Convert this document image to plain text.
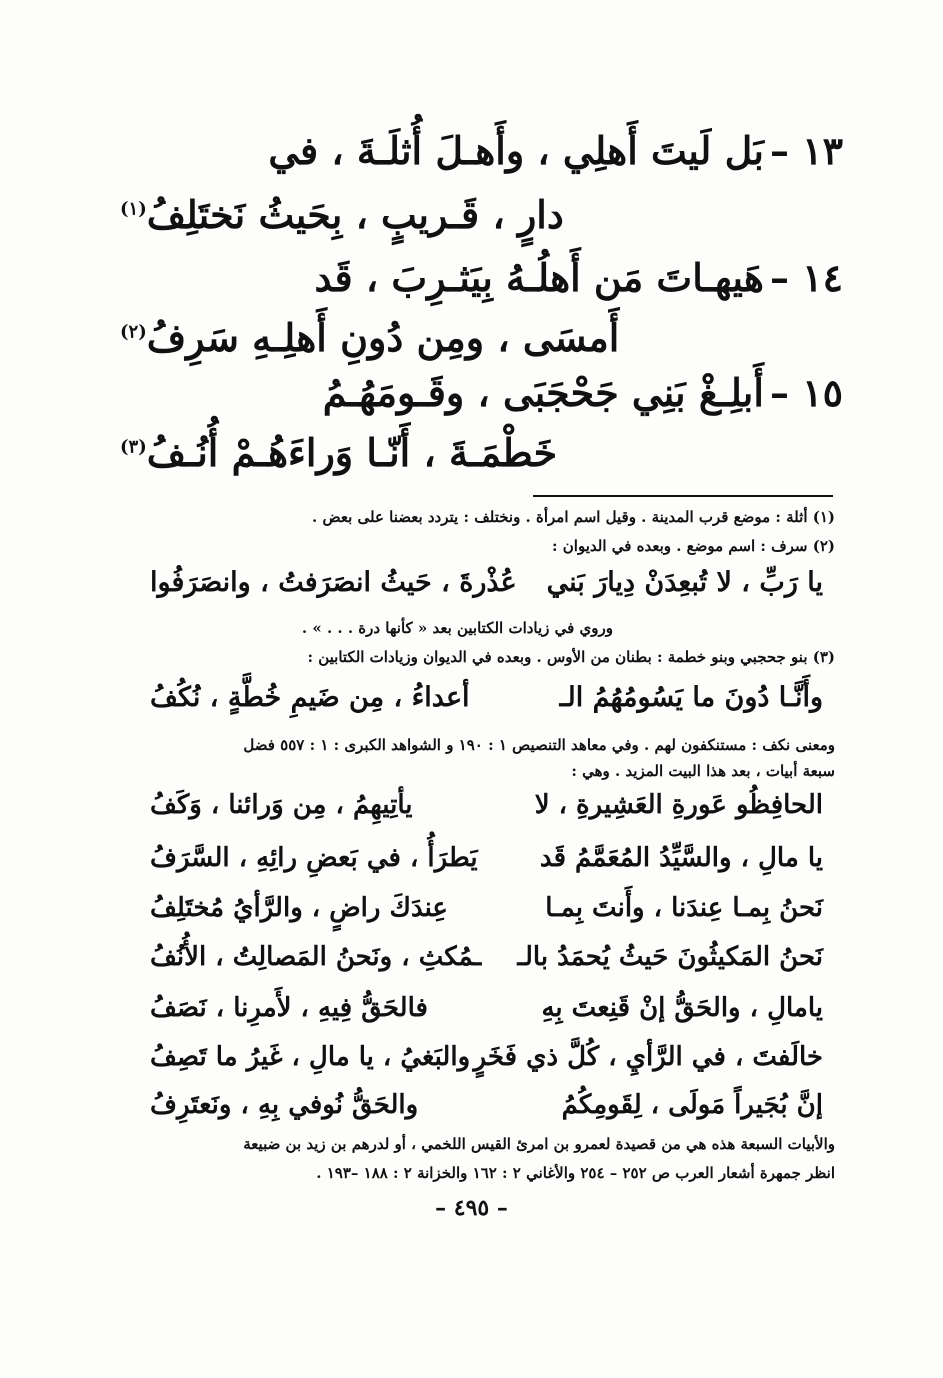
١٣ –بَل لَيتَ أَهلِي ، وأَهـلَ أُثلَـةَ ، في
دارٍ ، قَـريبٍ ، بِحَيثُ نَختَلِفُ$^{(١)}$
١٤ –هَيهـاتَ مَن أَهلُـهُ بِيَثـرِبَ ، قَد
أَمسَى ، ومِن دُونِ أَهلِـهِ سَرِفُ$^{(٢)}$
١٥ –أَبلِـغْ بَنِي جَحْجَبَى ، وقَـومَهُـمُ
خَطْمَـةَ ، أَنّـا وَراءَهُـمْ أُنُـفُ$^{(٣)}$
(١) أثلة : موضع قرب المدينة . وقيل اسم امرأة . ونختلف : يتردد بعضنا على بعض .
(٢) سرف : اسم موضع . وبعده في الديوان :
يا رَبِّ ، لا تُبعِدَنْ دِيارَ بَني
عُذْرةَ ، حَيثُ انصَرَفتُ ، وانصَرَفُوا
وروي في زيادات الكتابين بعد « كأنها درة . . . » .
(٣) بنو جحجبي وبنو خطمة : بطنان من الأوس . وبعده في الديوان وزيادات الكتابين :
وأَنَّـا دُونَ ما يَسُومُهُمُ الـ
أعداءُ ، مِن ضَيمِ خُطَّةٍ ، نُكُفُ
ومعنى نكف : مستنكفون لهم . وفي معاهد التنصيص ١ : ١٩٠ و الشواهد الكبرى : ١ : ٥٥٧ فضل
سبعة أبيات ، بعد هذا البيت المزيد . وهي :
الحافِظُو عَورةِ العَشِيرةِ ، لا
يأتِيهِمُ ، مِن وَرائنا ، وَكَفُ
يا مالِ ، والسَّيِّدُ المُعَمَّمُ قَد
يَطرَأُ ، في بَعضِ رائِهِ ، السَّرَفُ
نَحنُ بِمـا عِندَنا ، وأَنتَ بِمـا
عِندَكَ راضٍ ، والرَّأيُ مُختَلِفُ
نَحنُ المَكيثُونَ حَيثُ يُحمَدُ بالـ
ـمُكثِ ، ونَحنُ المَصالِتُ ، الأُنُفُ
يامالِ ، والحَقُّ إنْ قَنِعتَ بِهِ
فالحَقُّ فِيهِ ، لأَمرِنا ، نَصَفُ
خالَفتَ ، في الرَّأيِ ، كُلَّ ذي فَخَرٍ
والبَغيُ ، يا مالِ ، غَيرُ ما تَصِفُ
إنَّ بُجَيراً مَولَى ، لِقَومِكُمُ
والحَقُّ نُوفي بِهِ ، ونَعتَرِفُ
والأبيات السبعة هذه هي من قصيدة لعمرو بن امرئ القيس اللخمي ، أو لدرهم بن زيد بن ضبيعة
انظر جمهرة أشعار العرب ص ٢٥٢ – ٢٥٤ والأغاني ٢ : ١٦٢ والخزانة ٢ : ١٨٨ –١٩٣ .
– ٤٩٥ –
